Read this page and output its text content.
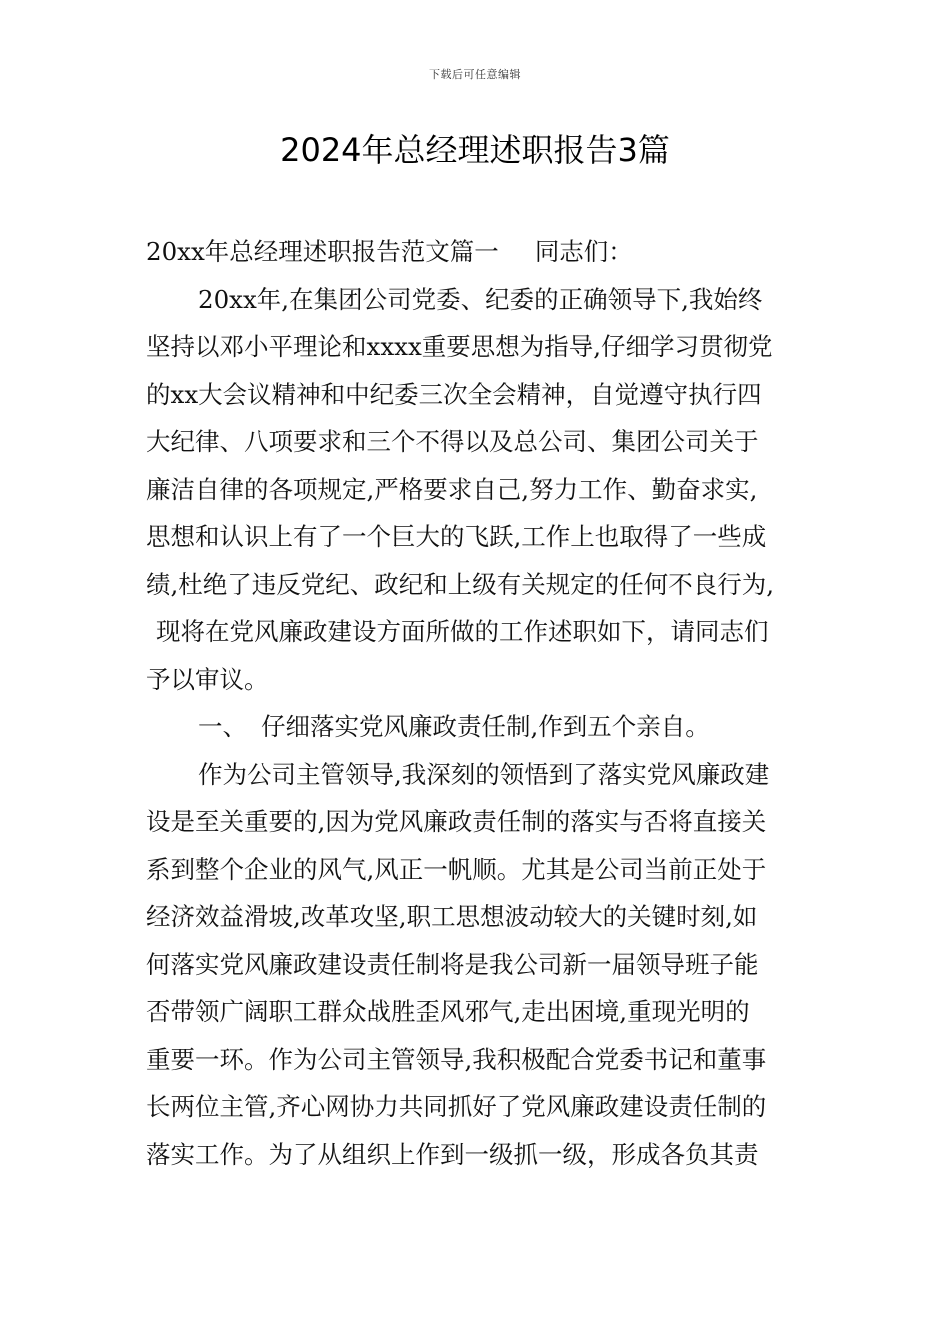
下载后可任意编辑
2024年总经理述职报告3篇
20xx年总经理述职报告范文篇一 同志们：
20xx年,在集团公司党委、纪委的正确领导下,我始终
坚持以邓小平理论和xxxx重要思想为指导,仔细学习贯彻党
的xx大会议精神和中纪委三次全会精神，自觉遵守执行四
大纪律、八项要求和三个不得以及总公司、集团公司关于
廉洁自律的各项规定,严格要求自己,努力工作、勤奋求实,
思想和认识上有了一个巨大的飞跃,工作上也取得了一些成
绩,杜绝了违反党纪、政纪和上级有关规定的任何不良行为,
现将在党风廉政建设方面所做的工作述职如下，请同志们
予以审议。
一、 仔细落实党风廉政责任制,作到五个亲自。
作为公司主管领导,我深刻的领悟到了落实党风廉政建
设是至关重要的,因为党风廉政责任制的落实与否将直接关
系到整个企业的风气,风正一帆顺。尤其是公司当前正处于
经济效益滑坡,改革攻坚,职工思想波动较大的关键时刻,如
何落实党风廉政建设责任制将是我公司新一届领导班子能
否带领广阔职工群众战胜歪风邪气,走出困境,重现光明的
重要一环。作为公司主管领导,我积极配合党委书记和董事
长两位主管,齐心网协力共同抓好了党风廉政建设责任制的
落实工作。为了从组织上作到一级抓一级，形成各负其责
